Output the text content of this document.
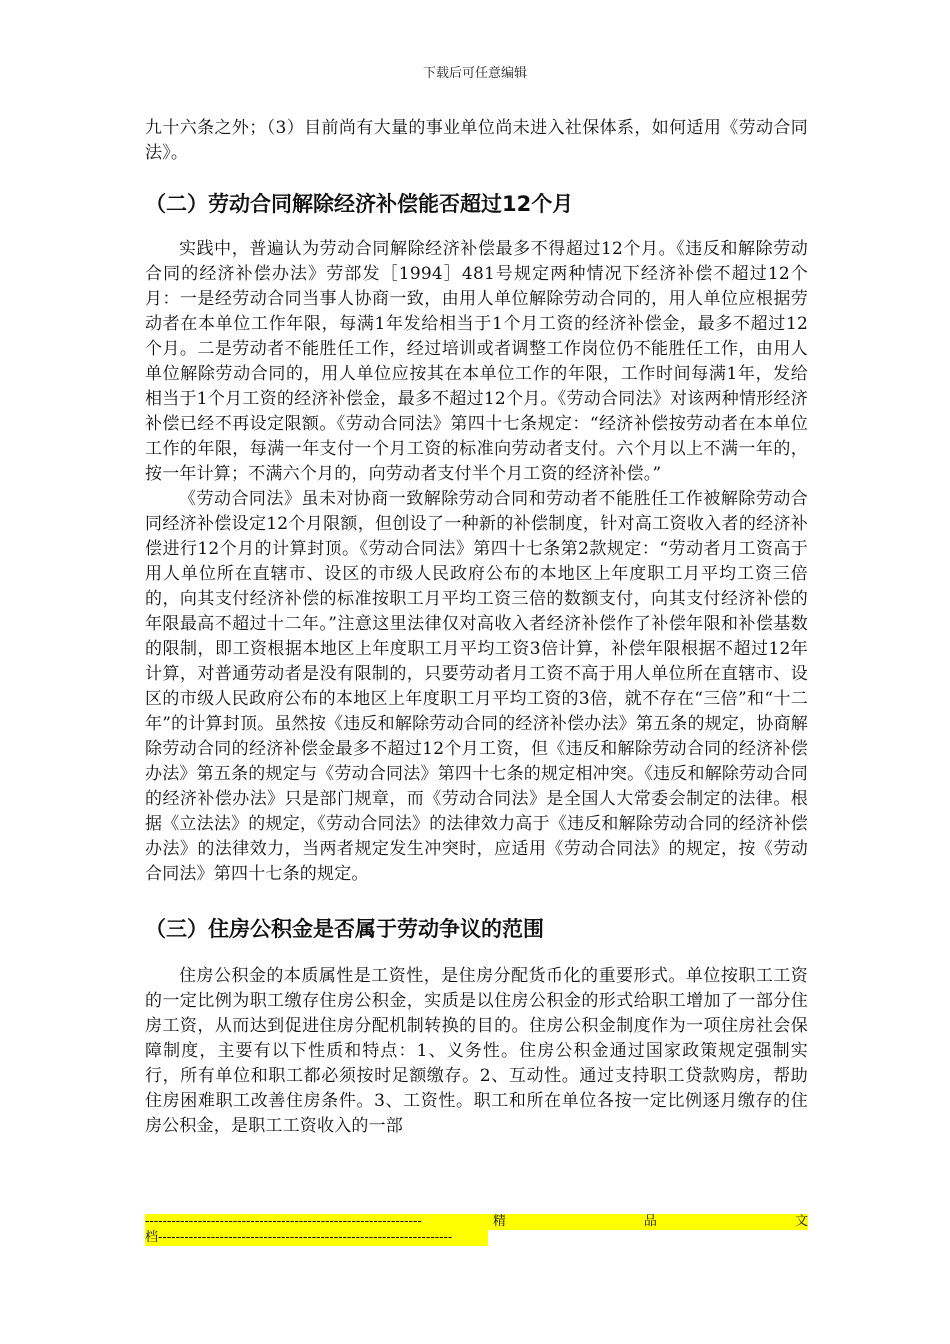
下载后可任意编辑

九十六条之外；（3）目前尚有大量的事业单位尚未进入社保体系，如何适用《劳动合同法》。

（二）劳动合同解除经济补偿能否超过12个月

实践中，普遍认为劳动合同解除经济补偿最多不得超过12个月。《违反和解除劳动合同的经济补偿办法》劳部发［1994］481号规定两种情况下经济补偿不超过12个月：一是经劳动合同当事人协商一致，由用人单位解除劳动合同的，用人单位应根据劳动者在本单位工作年限，每满1年发给相当于1个月工资的经济补偿金，最多不超过12个月。二是劳动者不能胜任工作，经过培训或者调整工作岗位仍不能胜任工作，由用人单位解除劳动合同的，用人单位应按其在本单位工作的年限，工作时间每满1年，发给相当于1个月工资的经济补偿金，最多不超过12个月。《劳动合同法》对该两种情形经济补偿已经不再设定限额。《劳动合同法》第四十七条规定：“经济补偿按劳动者在本单位工作的年限，每满一年支付一个月工资的标准向劳动者支付。六个月以上不满一年的，按一年计算；不满六个月的，向劳动者支付半个月工资的经济补偿。”

《劳动合同法》虽未对协商一致解除劳动合同和劳动者不能胜任工作被解除劳动合同经济补偿设定12个月限额，但创设了一种新的补偿制度，针对高工资收入者的经济补偿进行12个月的计算封顶。《劳动合同法》第四十七条第2款规定：“劳动者月工资高于用人单位所在直辖市、设区的市级人民政府公布的本地区上年度职工月平均工资三倍的，向其支付经济补偿的标准按职工月平均工资三倍的数额支付，向其支付经济补偿的年限最高不超过十二年。”注意这里法律仅对高收入者经济补偿作了补偿年限和补偿基数的限制，即工资根据本地区上年度职工月平均工资3倍计算，补偿年限根据不超过12年计算，对普通劳动者是没有限制的，只要劳动者月工资不高于用人单位所在直辖市、设区的市级人民政府公布的本地区上年度职工月平均工资的3倍，就不存在“三倍”和“十二年”的计算封顶。虽然按《违反和解除劳动合同的经济补偿办法》第五条的规定，协商解除劳动合同的经济补偿金最多不超过12个月工资，但《违反和解除劳动合同的经济补偿办法》第五条的规定与《劳动合同法》第四十七条的规定相冲突。《违反和解除劳动合同的经济补偿办法》只是部门规章，而《劳动合同法》是全国人大常委会制定的法律。根据《立法法》的规定，《劳动合同法》的法律效力高于《违反和解除劳动合同的经济补偿办法》的法律效力，当两者规定发生冲突时，应适用《劳动合同法》的规定，按《劳动合同法》第四十七条的规定。

（三）住房公积金是否属于劳动争议的范围

住房公积金的本质属性是工资性，是住房分配货币化的重要形式。单位按职工工资的一定比例为职工缴存住房公积金，实质是以住房公积金的形式给职工增加了一部分住房工资，从而达到促进住房分配机制转换的目的。住房公积金制度作为一项住房社会保障制度，主要有以下性质和特点：1、义务性。住房公积金通过国家政策规定强制实行，所有单位和职工都必须按时足额缴存。2、互动性。通过支持职工贷款购房，帮助住房困难职工改善住房条件。3、工资性。职工和所在单位各按一定比例逐月缴存的住房公积金，是职工工资收入的一部

--------------------------------------------------------------- 精 品 文
档-------------------------------------------------------------------
